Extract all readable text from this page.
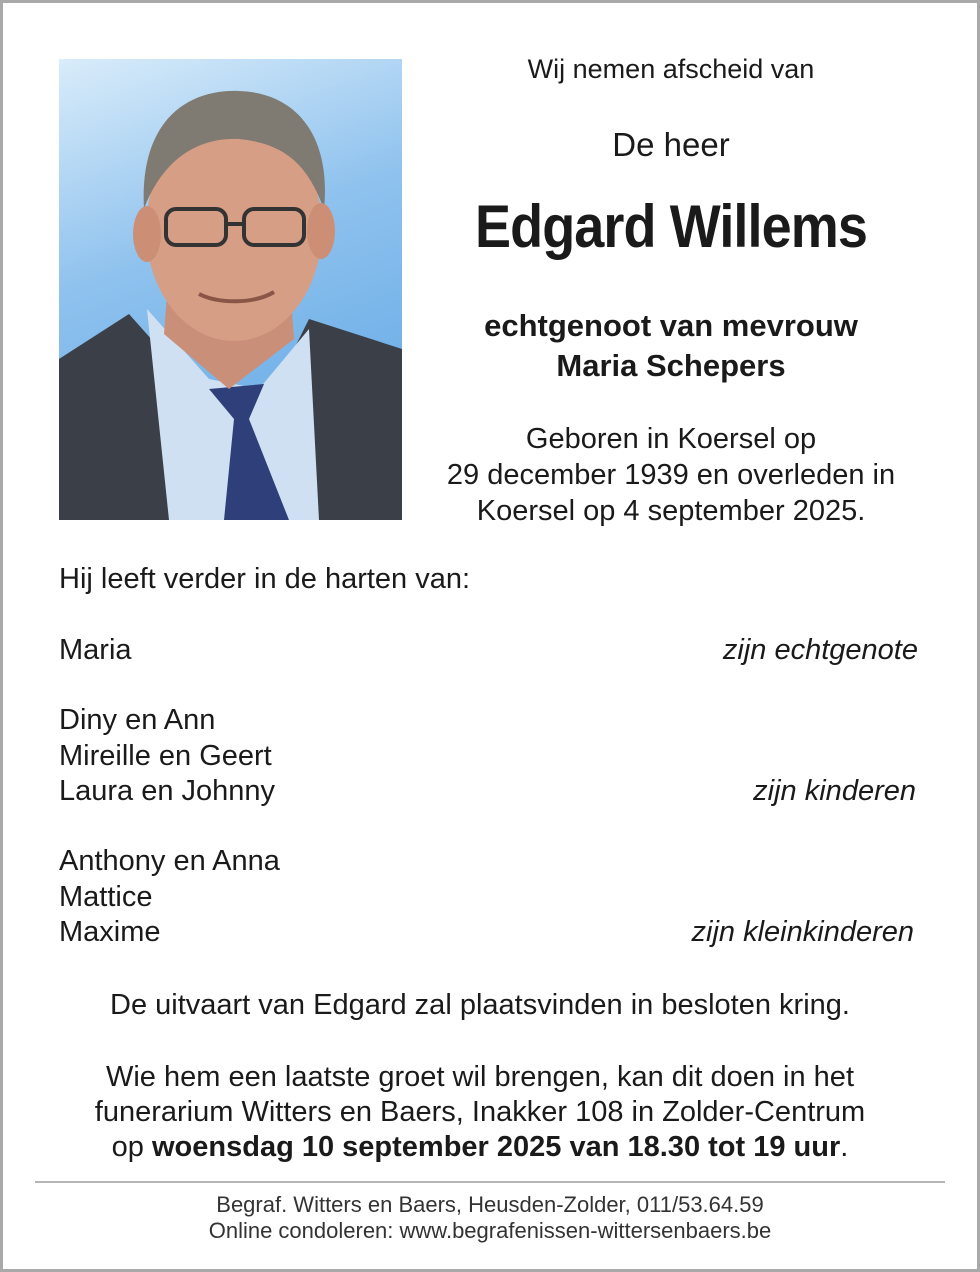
Wij nemen afscheid van
De heer
Edgard Willems
echtgenoot van mevrouw
Maria Schepers
Geboren in Koersel op
29 december 1939 en overleden in
Koersel op 4 september 2025.
Hij leeft verder in de harten van:
Maria	zijn echtgenote
Diny en Ann
Mireille en Geert
Laura en Johnny	zijn kinderen
Anthony en Anna
Mattice
Maxime	zijn kleinkinderen
De uitvaart van Edgard zal plaatsvinden in besloten kring.
Wie hem een laatste groet wil brengen, kan dit doen in het
funerarium Witters en Baers, Inakker 108 in Zolder-Centrum
op woensdag 10 september 2025 van 18.30 tot 19 uur.
Begraf. Witters en Baers, Heusden-Zolder, 011/53.64.59
Online condoleren: www.begrafenissen-wittersenbaers.be
